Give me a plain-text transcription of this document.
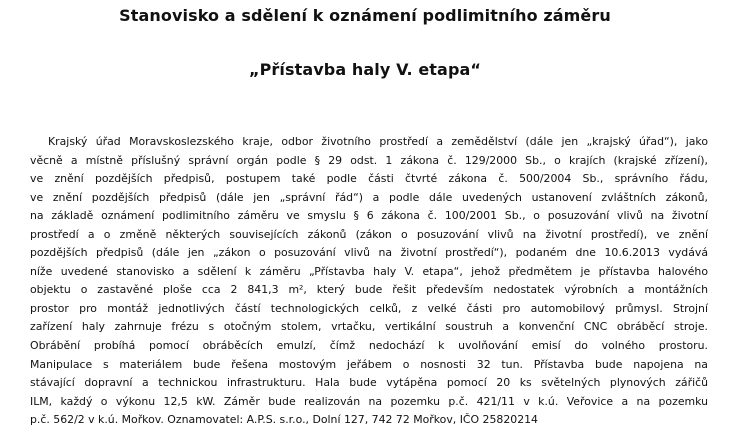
Stanovisko a sdělení k oznámení podlimitního záměru
„Přístavba haly V. etapa“
Krajský úřad Moravskoslezského kraje, odbor životního prostředí a zemědělství (dále jen „krajský úřad“), jako
věcně a místně příslušný správní orgán podle § 29 odst. 1 zákona č. 129/2000 Sb., o krajích (krajské zřízení),
ve znění pozdějších předpisů, postupem také podle části čtvrté zákona č. 500/2004 Sb., správního řádu,
ve znění pozdějších předpisů (dále jen „správní řád“) a podle dále uvedených ustanovení zvláštních zákonů,
na základě oznámení podlimitního záměru ve smyslu § 6 zákona č. 100/2001 Sb., o posuzování vlivů na životní
prostředí a o změně některých souvisejících zákonů (zákon o posuzování vlivů na životní prostředí), ve znění
pozdějších předpisů (dále jen „zákon o posuzování vlivů na životní prostředí“), podaném dne 10.6.2013 vydává
níže uvedené stanovisko a sdělení k záměru „Přístavba haly V. etapa“, jehož předmětem je přístavba halového
objektu o zastavěné ploše cca 2 841,3 m², který bude řešit především nedostatek výrobních a montážních
prostor pro montáž jednotlivých částí technologických celků, z velké části pro automobilový průmysl. Strojní
zařízení haly zahrnuje frézu s otočným stolem, vrtačku, vertikální soustruh a konvenční CNC obráběcí stroje.
Obrábění probíhá pomocí obráběcích emulzí, čímž nedochází k uvolňování emisí do volného prostoru.
Manipulace s materiálem bude řešena mostovým jeřábem o nosnosti 32 tun. Přístavba bude napojena na
stávající dopravní a technickou infrastrukturu. Hala bude vytápěna pomocí 20 ks světelných plynových zářičů
ILM, každý o výkonu 12,5 kW. Záměr bude realizován na pozemku p.č. 421/11 v k.ú. Veřovice a na pozemku
p.č. 562/2 v k.ú. Mořkov. Oznamovatel: A.P.S. s.r.o., Dolní 127, 742 72 Mořkov, IČO 25820214
